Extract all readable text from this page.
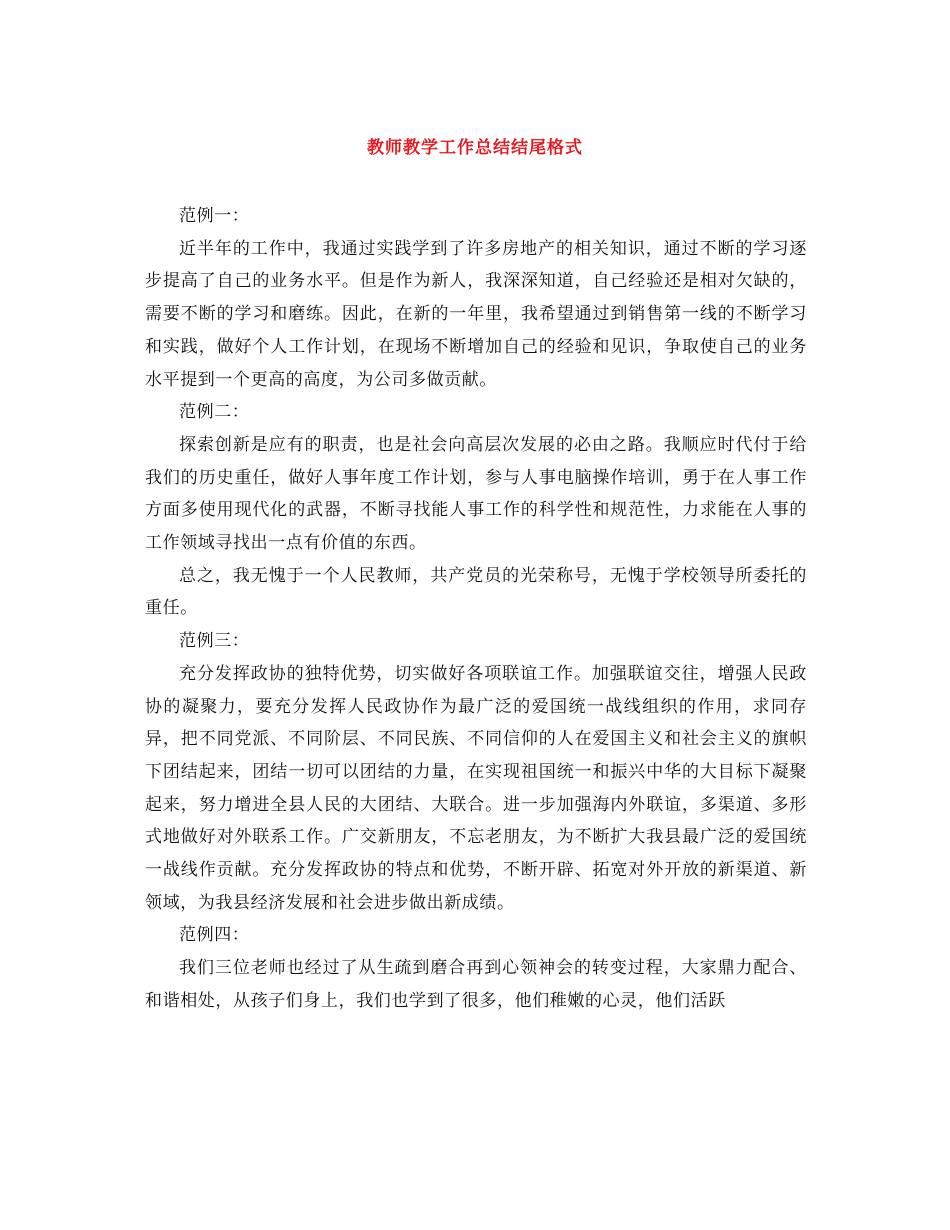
教师教学工作总结结尾格式

范例一：

近半年的工作中，我通过实践学到了许多房地产的相关知识，通过不断的学习逐步提高了自己的业务水平。但是作为新人，我深深知道，自己经验还是相对欠缺的，需要不断的学习和磨练。因此，在新的一年里，我希望通过到销售第一线的不断学习和实践，做好个人工作计划，在现场不断增加自己的经验和见识，争取使自己的业务水平提到一个更高的高度，为公司多做贡献。

范例二：

探索创新是应有的职责，也是社会向高层次发展的必由之路。我顺应时代付于给我们的历史重任，做好人事年度工作计划，参与人事电脑操作培训，勇于在人事工作方面多使用现代化的武器，不断寻找能人事工作的科学性和规范性，力求能在人事的工作领域寻找出一点有价值的东西。

总之，我无愧于一个人民教师，共产党员的光荣称号，无愧于学校领导所委托的重任。

范例三：

充分发挥政协的独特优势，切实做好各项联谊工作。加强联谊交往，增强人民政协的凝聚力，要充分发挥人民政协作为最广泛的爱国统一战线组织的作用，求同存异，把不同党派、不同阶层、不同民族、不同信仰的人在爱国主义和社会主义的旗帜下团结起来，团结一切可以团结的力量，在实现祖国统一和振兴中华的大目标下凝聚起来，努力增进全县人民的大团结、大联合。进一步加强海内外联谊，多渠道、多形式地做好对外联系工作。广交新朋友，不忘老朋友，为不断扩大我县最广泛的爱国统一战线作贡献。充分发挥政协的特点和优势，不断开辟、拓宽对外开放的新渠道、新领域，为我县经济发展和社会进步做出新成绩。

范例四：

我们三位老师也经过了从生疏到磨合再到心领神会的转变过程，大家鼎力配合、和谐相处，从孩子们身上，我们也学到了很多，他们稚嫩的心灵，他们活跃
